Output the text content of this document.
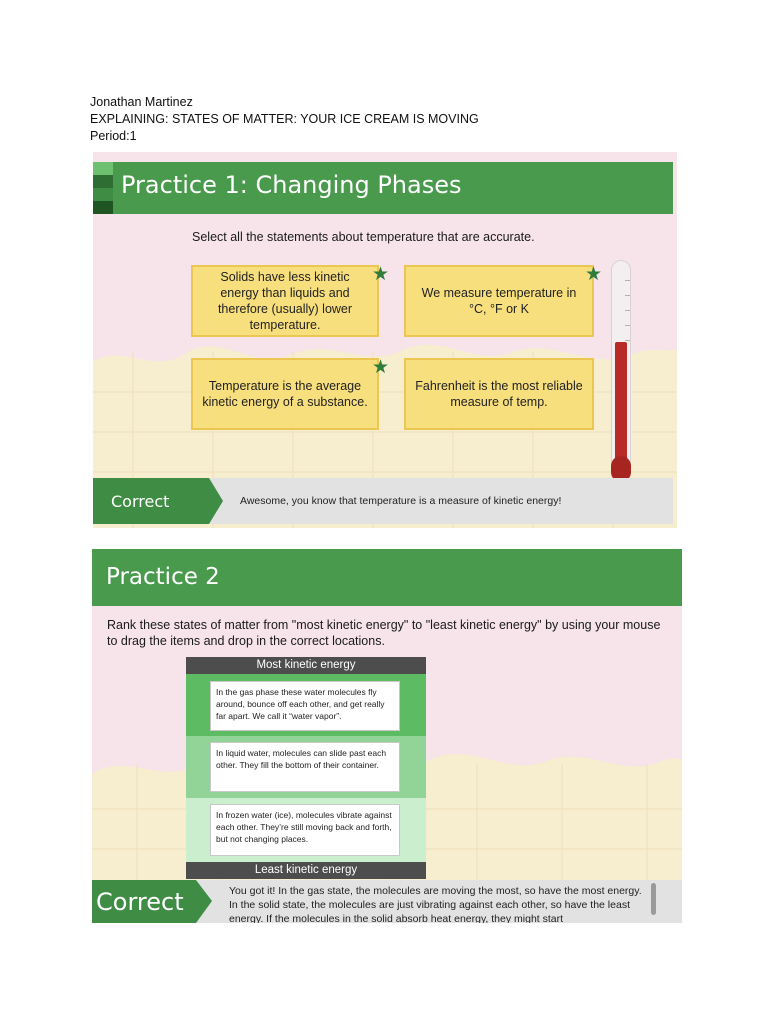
Jonathan Martinez
EXPLAINING: STATES OF MATTER: YOUR ICE CREAM IS MOVING
Period:1
Practice 1: Changing Phases
Select all the statements about temperature that are accurate.
Solids have less kinetic energy than liquids and therefore (usually) lower temperature.
★
We measure temperature in °C, °F or K
★
Temperature is the average kinetic energy of a substance.
★
Fahrenheit is the most reliable measure of temp.
Correct	Awesome, you know that temperature is a measure of kinetic energy!
Practice 2
Rank these states of matter from "most kinetic energy" to "least kinetic energy" by using your mouse to drag the items and drop in the correct locations.
Most kinetic energy
In the gas phase these water molecules fly around, bounce off each other, and get really far apart. We call it “water vapor”.
In liquid water, molecules can slide past each other. They fill the bottom of their container.
In frozen water (ice), molecules vibrate against each other. They’re still moving back and forth, but not changing places.
Least kinetic energy
Correct	You got it! In the gas state, the molecules are moving the most, so have the most energy. In the solid state, the molecules are just vibrating against each other, so have the least energy. If the molecules in the solid absorb heat energy, they might start
